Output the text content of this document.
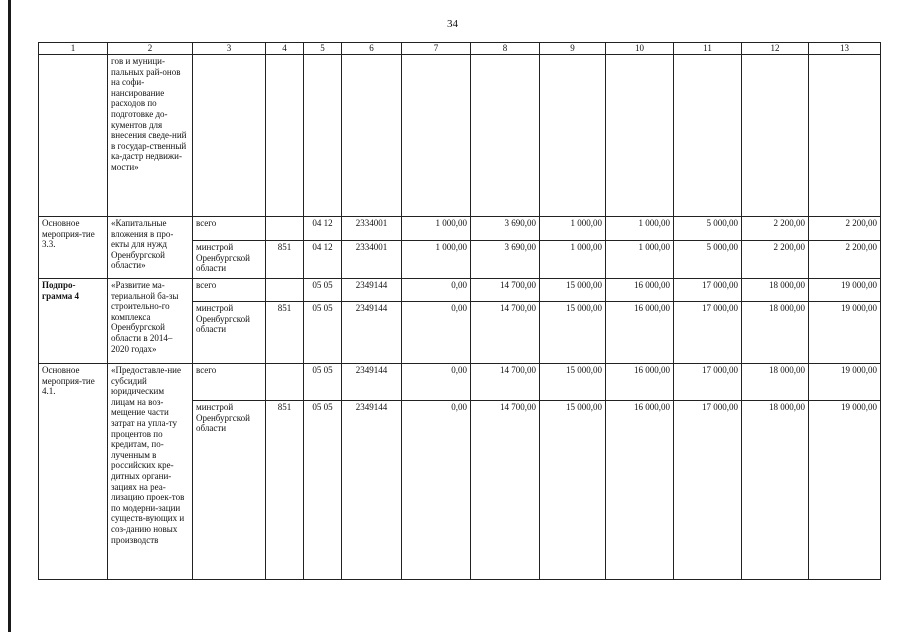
34
1	2	3	4	5	6	7	8	9	10	11	12	13
	гов и муници-пальных рай-онов на софи-нансирование расходов по подготовке до-кументов для внесения сведе-ний в государ-ственный ка-дастр недвижи-мости»											
Основное мероприя-тие 3.3.	«Капитальные вложения в про-екты для нужд Оренбургской области»	всего		04 12	2334001	1 000,00	3 690,00	1 000,00	1 000,00	5 000,00	2 200,00	2 200,00
		минстрой Оренбургской области	851	04 12	2334001	1 000,00	3 690,00	1 000,00	1 000,00	5 000,00	2 200,00	2 200,00
Подпро-грамма 4	«Развитие ма-териальной ба-зы строительно-го комплекса Оренбургской области в 2014–2020 годах»	всего		05 05	2349144	0,00	14 700,00	15 000,00	16 000,00	17 000,00	18 000,00	19 000,00
		минстрой Оренбургской области	851	05 05	2349144	0,00	14 700,00	15 000,00	16 000,00	17 000,00	18 000,00	19 000,00
Основное мероприя-тие 4.1.	«Предоставле-ние субсидий юридическим лицам на воз-мещение части затрат на упла-ту процентов по кредитам, по-лученным в российских кре-дитных органи-зациях на реа-лизацию проек-тов по модерни-зации существ-вующих и соз-данию новых производств	всего		05 05	2349144	0,00	14 700,00	15 000,00	16 000,00	17 000,00	18 000,00	19 000,00
		минстрой Оренбургской области	851	05 05	2349144	0,00	14 700,00	15 000,00	16 000,00	17 000,00	18 000,00	19 000,00
